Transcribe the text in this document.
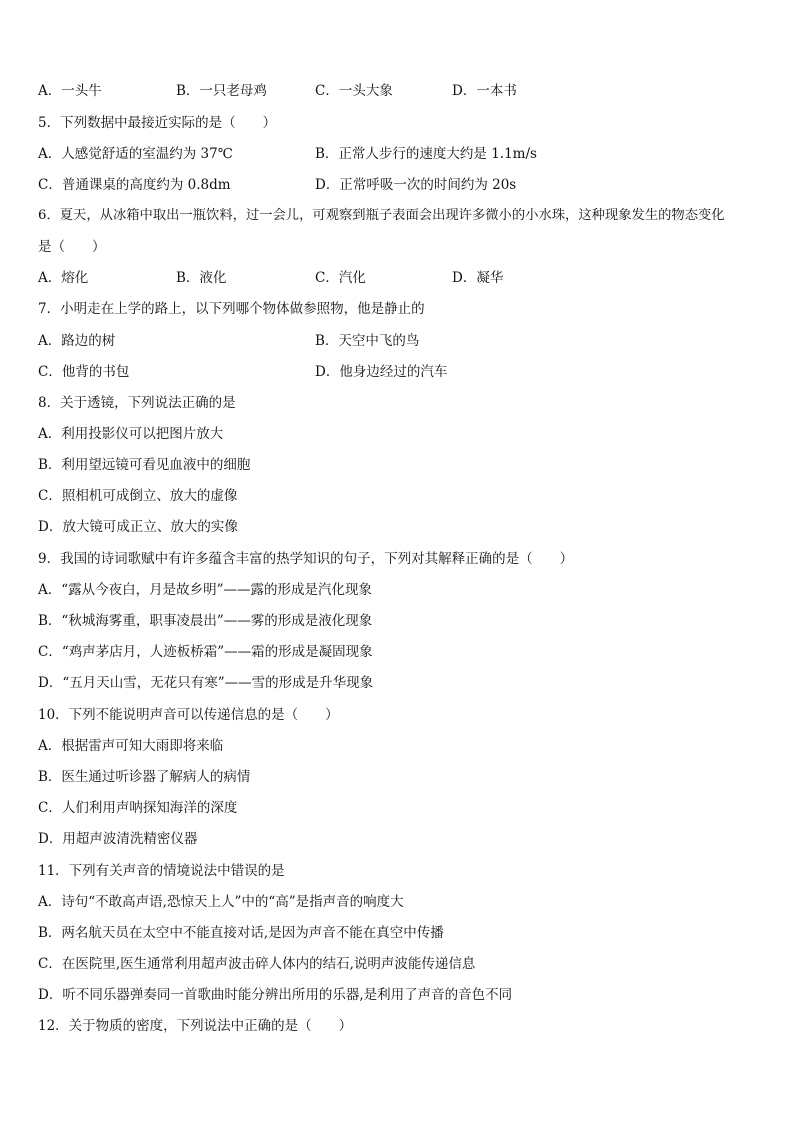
A．一头牛	B．一只老母鸡	C．一头大象	D．一本书
5．下列数据中最接近实际的是（　　）
A．人感觉舒适的室温约为 37℃	B．正常人步行的速度大约是 1.1m/s
C．普通课桌的高度约为 0.8dm	D．正常呼吸一次的时间约为 20s
6．夏天，从冰箱中取出一瓶饮料，过一会儿，可观察到瓶子表面会出现许多微小的小水珠，这种现象发生的物态变化
是（　　）
A．熔化	B．液化	C．汽化	D．凝华
7．小明走在上学的路上，以下列哪个物体做参照物，他是静止的
A．路边的树	B．天空中飞的鸟
C．他背的书包	D．他身边经过的汽车
8．关于透镜，下列说法正确的是
A．利用投影仪可以把图片放大
B．利用望远镜可看见血液中的细胞
C．照相机可成倒立、放大的虚像
D．放大镜可成正立、放大的实像
9．我国的诗词歌赋中有许多蕴含丰富的热学知识的句子，下列对其解释正确的是（　　）
A．“露从今夜白，月是故乡明”——露的形成是汽化现象
B．“秋城海雾重，职事凌晨出”——雾的形成是液化现象
C．“鸡声茅店月，人迹板桥霜”——霜的形成是凝固现象
D．“五月天山雪，无花只有寒”——雪的形成是升华现象
10．下列不能说明声音可以传递信息的是（　　）
A．根据雷声可知大雨即将来临
B．医生通过听诊器了解病人的病情
C．人们利用声呐探知海洋的深度
D．用超声波清洗精密仪器
11．下列有关声音的情境说法中错误的是
A．诗句“不敢高声语,恐惊天上人”中的“高”是指声音的响度大
B．两名航天员在太空中不能直接对话,是因为声音不能在真空中传播
C．在医院里,医生通常利用超声波击碎人体内的结石,说明声波能传递信息
D．听不同乐器弹奏同一首歌曲时能分辨出所用的乐器,是利用了声音的音色不同
12．关于物质的密度，下列说法中正确的是（　　）
